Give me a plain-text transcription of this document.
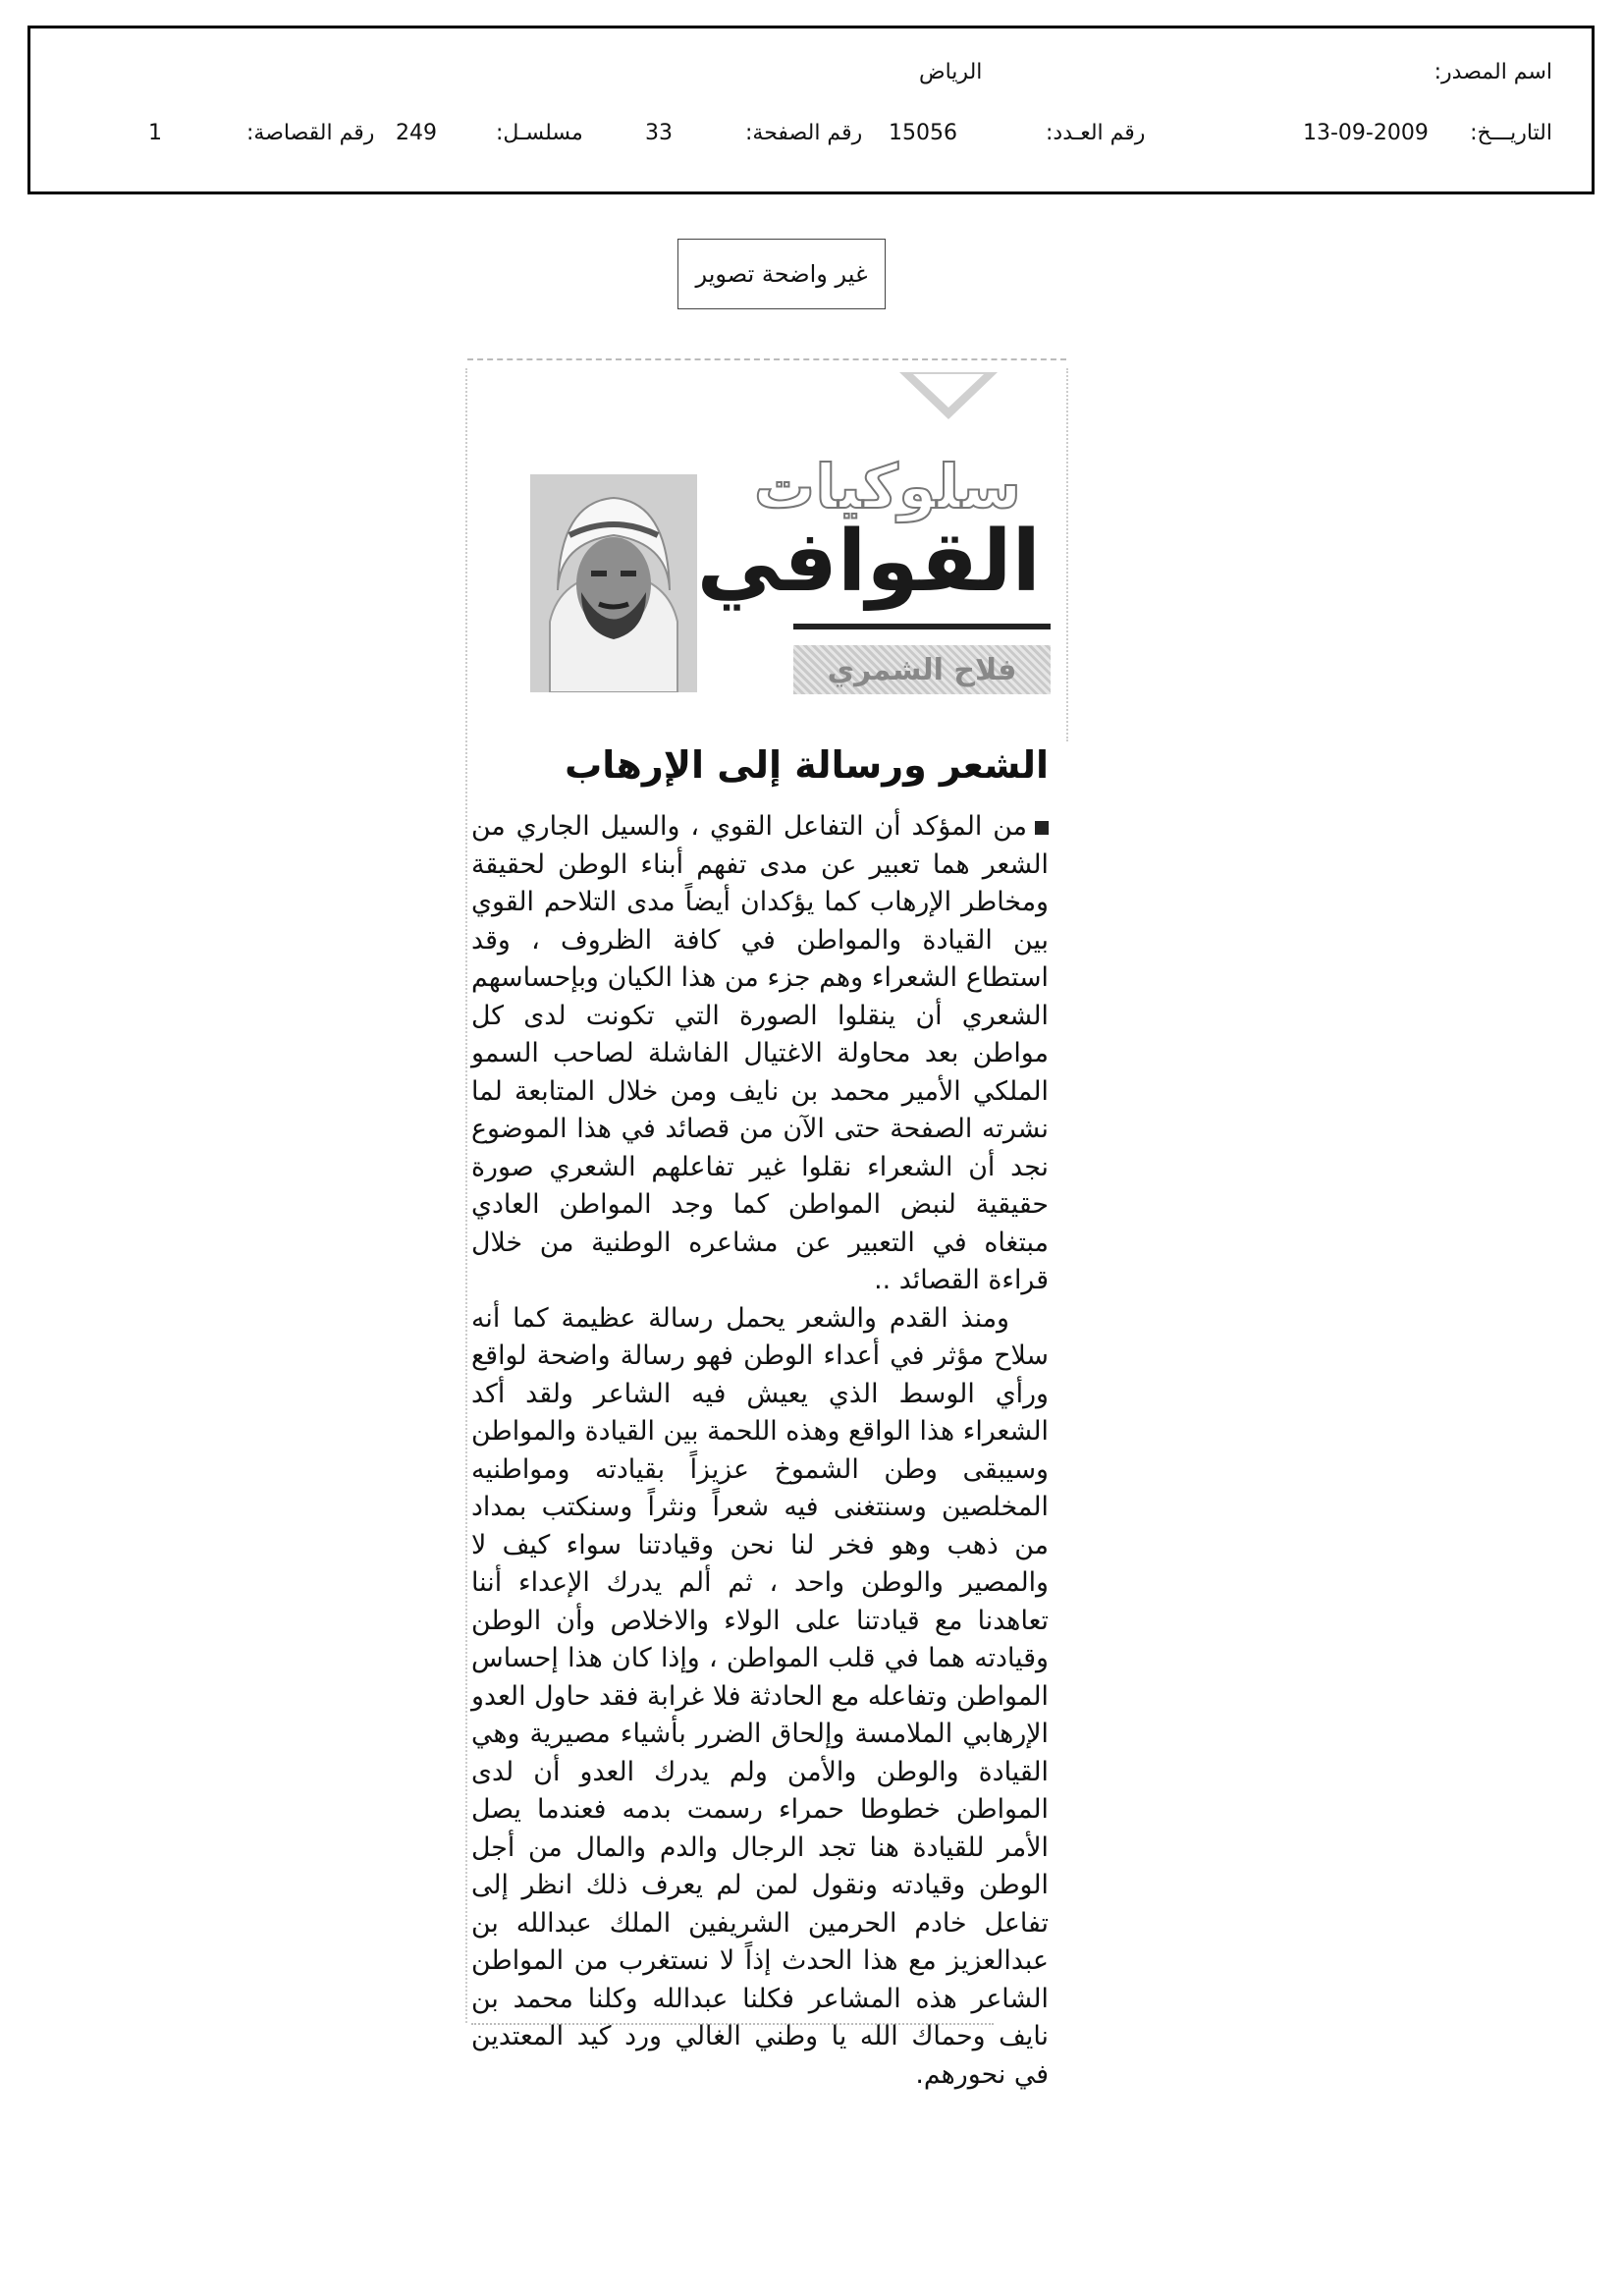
اسم المصدر:
الرياض
التاريـــخ:
13-09-2009
رقم العـدد:
15056
رقم الصفحة:
33
مسلسـل:
249
رقم القصاصة:
1
غير واضحة تصوير
سلوكيات
القوافي
فلاح الشمري
الشعر ورسالة إلى الإرهاب

من المؤكد أن التفاعل القوي ، والسيل الجاري من الشعر هما تعبير عن مدى تفهم أبناء الوطن لحقيقة ومخاطر الإرهاب كما يؤكدان أيضاً مدى التلاحم القوي بين القيادة والمواطن في كافة الظروف ، وقد استطاع الشعراء وهم جزء من هذا الكيان وبإحساسهم الشعري أن ينقلوا الصورة التي تكونت لدى كل مواطن بعد محاولة الاغتيال الفاشلة لصاحب السمو الملكي الأمير محمد بن نايف ومن خلال المتابعة لما نشرته الصفحة حتى الآن من قصائد في هذا الموضوع نجد أن الشعراء نقلوا غير تفاعلهم الشعري صورة حقيقية لنبض المواطن كما وجد المواطن العادي مبتغاه في التعبير عن مشاعره الوطنية من خلال قراءة القصائد ..

ومنذ القدم والشعر يحمل رسالة عظيمة كما أنه سلاح مؤثر في أعداء الوطن فهو رسالة واضحة لواقع ورأي الوسط الذي يعيش فيه الشاعر ولقد أكد الشعراء هذا الواقع وهذه اللحمة بين القيادة والمواطن وسيبقى وطن الشموخ عزيزاً بقيادته ومواطنيه المخلصين وسنتغنى فيه شعراً ونثراً وسنكتب بمداد من ذهب وهو فخر لنا نحن وقيادتنا سواء كيف لا والمصير والوطن واحد ، ثم ألم يدرك الإعداء أننا تعاهدنا مع قيادتنا على الولاء والاخلاص وأن الوطن وقيادته هما في قلب المواطن ، وإذا كان هذا إحساس المواطن وتفاعله مع الحادثة فلا غرابة فقد حاول العدو الإرهابي الملامسة وإلحاق الضرر بأشياء مصيرية وهي القيادة والوطن والأمن ولم يدرك العدو أن لدى المواطن خطوطا حمراء رسمت بدمه فعندما يصل الأمر للقيادة هنا تجد الرجال والدم والمال من أجل الوطن وقيادته ونقول لمن لم يعرف ذلك انظر إلى تفاعل خادم الحرمين الشريفين الملك عبدالله بن عبدالعزيز مع هذا الحدث إذاً لا نستغرب من المواطن الشاعر هذه المشاعر فكلنا عبدالله وكلنا محمد بن نايف وحماك الله يا وطني الغالي ورد كيد المعتدين في نحورهم.
